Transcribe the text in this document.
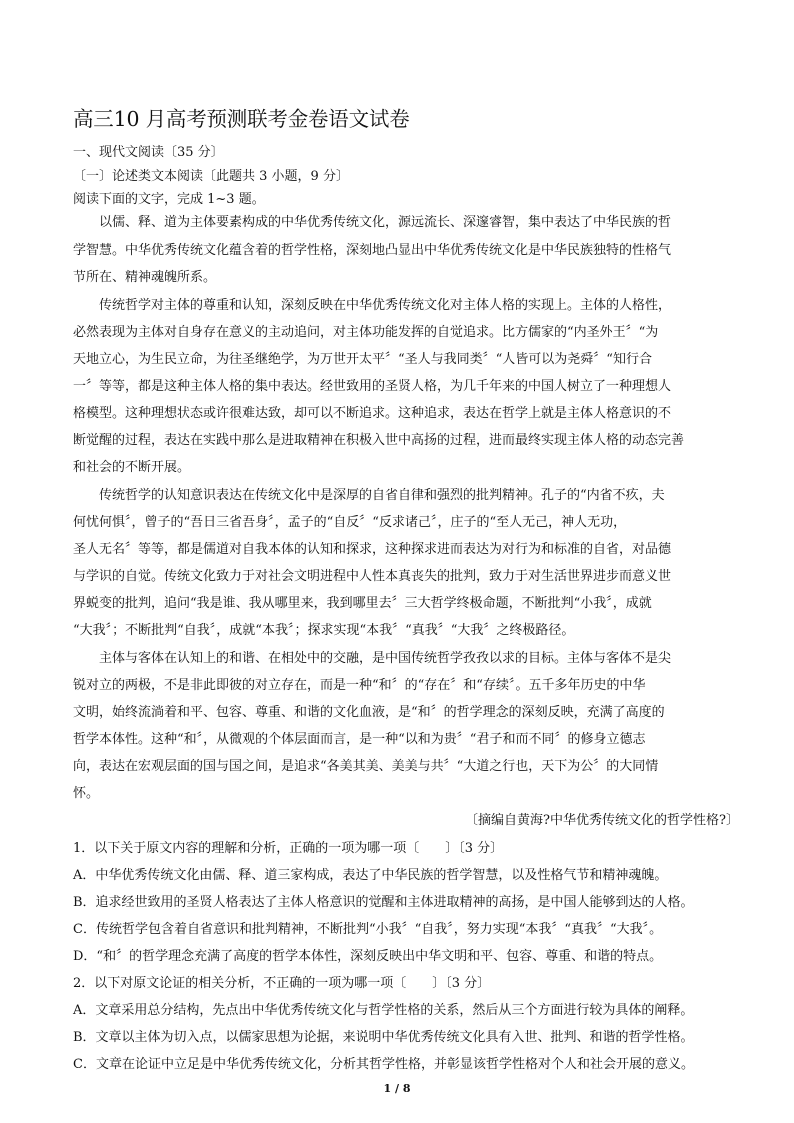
高三10 月高考预测联考金卷语文试卷
一、现代文阅读〔35 分〕
〔一〕论述类文本阅读〔此题共 3 小题，9 分〕
阅读下面的文字，完成 1~3 题。
以儒、释、道为主体要素构成的中华优秀传统文化，源远流长、深邃睿智，集中表达了中华民族的哲
学智慧。中华优秀传统文化蕴含着的哲学性格，深刻地凸显出中华优秀传统文化是中华民族独特的性格气
节所在、精神魂魄所系。
传统哲学对主体的尊重和认知，深刻反映在中华优秀传统文化对主体人格的实现上。主体的人格性，
必然表现为主体对自身存在意义的主动追问，对主体功能发挥的自觉追求。比方儒家的“内圣外王〞“为
天地立心，为生民立命，为往圣继绝学，为万世开太平〞“圣人与我同类〞“人皆可以为尧舜〞“知行合
一〞等等，都是这种主体人格的集中表达。经世致用的圣贤人格，为几千年来的中国人树立了一种理想人
格模型。这种理想状态或许很难达致，却可以不断追求。这种追求，表达在哲学上就是主体人格意识的不
断觉醒的过程，表达在实践中那么是进取精神在积极入世中高扬的过程，进而最终实现主体人格的动态完善
和社会的不断开展。
传统哲学的认知意识表达在传统文化中是深厚的自省自律和强烈的批判精神。孔子的“内省不疚，夫
何忧何惧〞，曾子的“吾日三省吾身〞，孟子的“自反〞“反求诸己〞，庄子的“至人无己，神人无功，
圣人无名〞等等，都是儒道对自我本体的认知和探求，这种探求进而表达为对行为和标准的自省，对品德
与学识的自觉。传统文化致力于对社会文明进程中人性本真丧失的批判，致力于对生活世界进步而意义世
界蜕变的批判，追问“我是谁、我从哪里来，我到哪里去〞三大哲学终极命题，不断批判“小我〞，成就
“大我〞；不断批判“自我〞，成就“本我〞；探求实现“本我〞“真我〞“大我〞之终极路径。
主体与客体在认知上的和谐、在相处中的交融，是中国传统哲学孜孜以求的目标。主体与客体不是尖
锐对立的两极，不是非此即彼的对立存在，而是一种“和〞的“存在〞和“存续〞。五千多年历史的中华
文明，始终流淌着和平、包容、尊重、和谐的文化血液，是“和〞的哲学理念的深刻反映，充满了高度的
哲学本体性。这种“和〞，从微观的个体层面而言，是一种“以和为贵〞“君子和而不同〞的修身立德志
向，表达在宏观层面的国与国之间，是追求“各美其美、美美与共〞“大道之行也，天下为公〞的大同情
怀。
〔摘编自黄海?中华优秀传统文化的哲学性格?〕
1．以下关于原文内容的理解和分析，正确的一项为哪一项〔　　〕〔3 分〕
A．中华优秀传统文化由儒、释、道三家构成，表达了中华民族的哲学智慧，以及性格气节和精神魂魄。
B．追求经世致用的圣贤人格表达了主体人格意识的觉醒和主体进取精神的高扬，是中国人能够到达的人格。
C．传统哲学包含着自省意识和批判精神，不断批判“小我〞“自我〞，努力实现“本我〞“真我〞“大我〞。
D．“和〞的哲学理念充满了高度的哲学本体性，深刻反映出中华文明和平、包容、尊重、和谐的特点。
2．以下对原文论证的相关分析，不正确的一项为哪一项〔　　〕〔3 分〕
A．文章采用总分结构，先点出中华优秀传统文化与哲学性格的关系，然后从三个方面进行较为具体的阐释。
B．文章以主体为切入点，以儒家思想为论据，来说明中华优秀传统文化具有入世、批判、和谐的哲学性格。
C．文章在论证中立足是中华优秀传统文化，分析其哲学性格，并彰显该哲学性格对个人和社会开展的意义。
1 / 8
